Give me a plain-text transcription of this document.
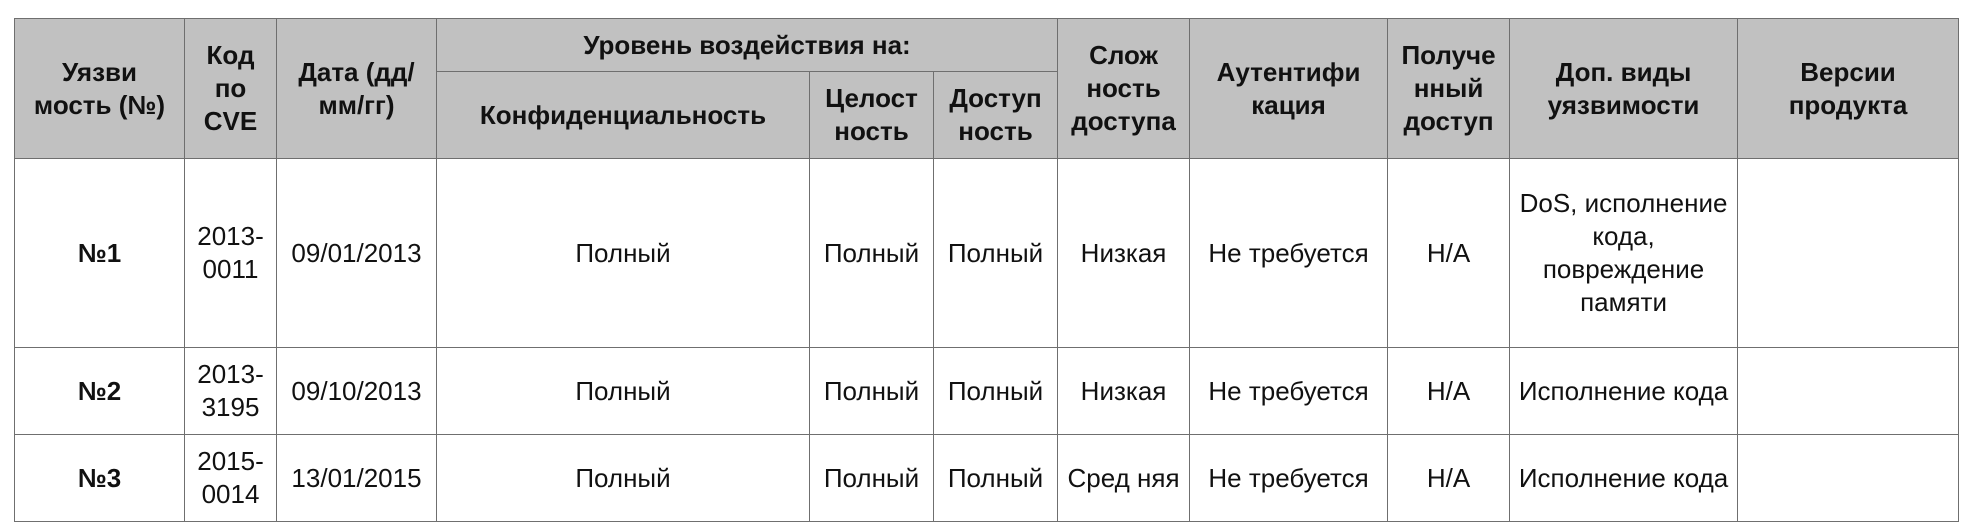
Уязви мость (№)	Код по CVE	Дата (дд/ мм/гг)	Уровень воздействия на:			Слож ность доступа	Аутентифи кация	Получе нный доступ	Доп. виды уязвимости	Версии продукта
			Конфиденциальность	Целост ность	Доступ ность					
№1	2013-0011	09/01/2013	Полный	Полный	Полный	Низкая	Не требуется	Н/А	DoS, исполнение кода, повреждение памяти	
№2	2013-3195	09/10/2013	Полный	Полный	Полный	Низкая	Не требуется	Н/А	Исполнение кода	
№3	2015-0014	13/01/2015	Полный	Полный	Полный	Сред няя	Не требуется	Н/А	Исполнение кода	
